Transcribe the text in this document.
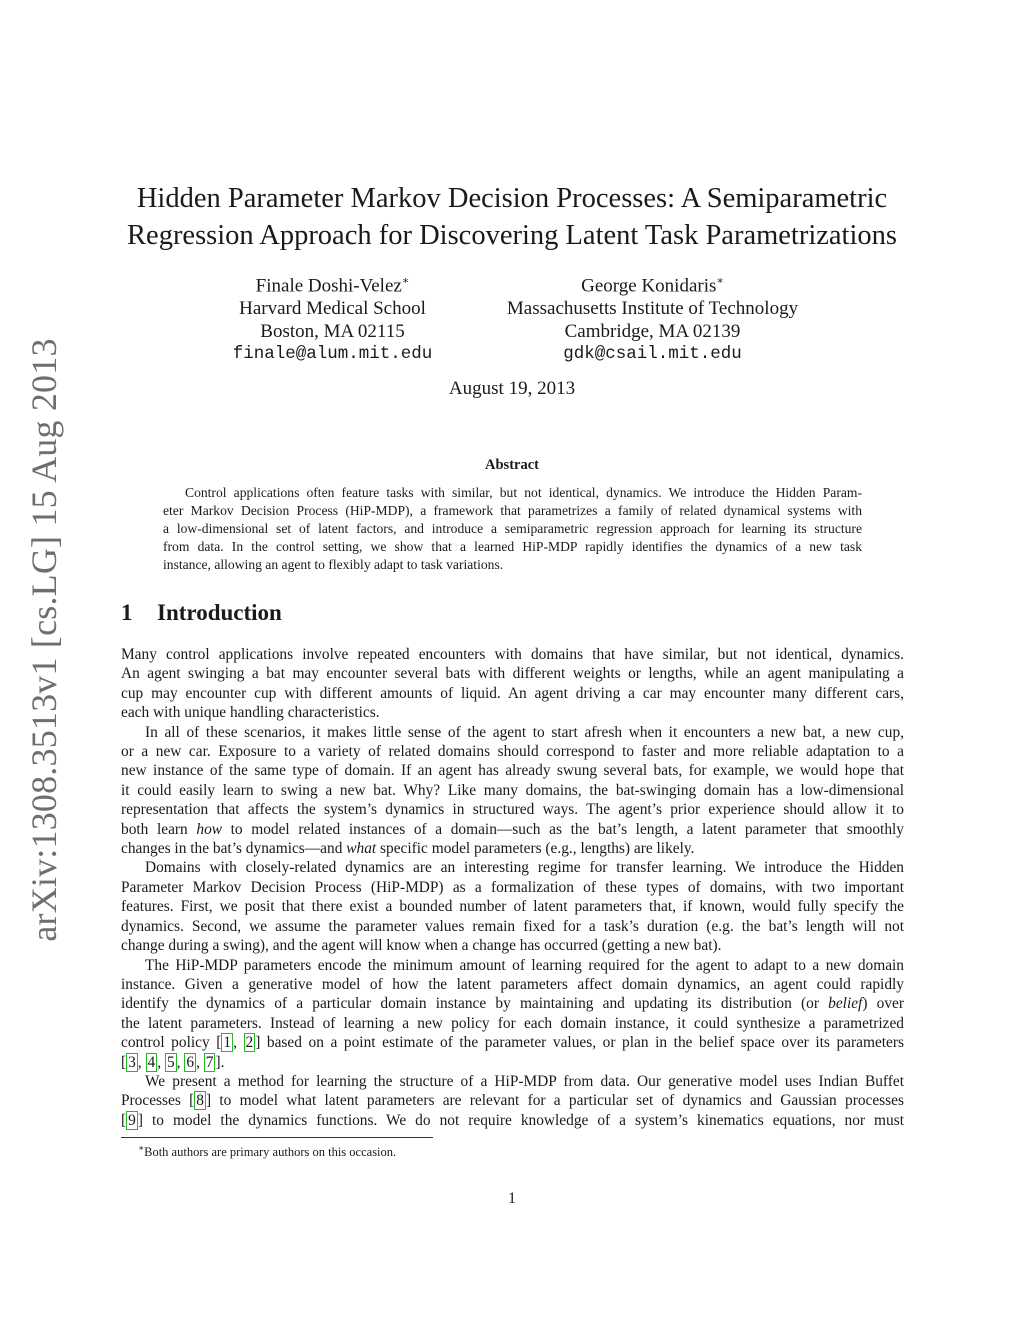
arXiv:1308.3513v1 [cs.LG] 15 Aug 2013
Hidden Parameter Markov Decision Processes: A Semiparametric
Regression Approach for Discovering Latent Task Parametrizations
Finale Doshi-Velez∗
Harvard Medical School
Boston, MA 02115
finale@alum.mit.edu
George Konidaris∗
Massachusetts Institute of Technology
Cambridge, MA 02139
gdk@csail.mit.edu
August 19, 2013
Abstract
Control applications often feature tasks with similar, but not identical, dynamics. We introduce the Hidden Param-
eter Markov Decision Process (HiP-MDP), a framework that parametrizes a family of related dynamical systems with
a low-dimensional set of latent factors, and introduce a semiparametric regression approach for learning its structure
from data. In the control setting, we show that a learned HiP-MDP rapidly identifies the dynamics of a new task
instance, allowing an agent to flexibly adapt to task variations.
1 Introduction
Many control applications involve repeated encounters with domains that have similar, but not identical, dynamics.
An agent swinging a bat may encounter several bats with different weights or lengths, while an agent manipulating a
cup may encounter cup with different amounts of liquid. An agent driving a car may encounter many different cars,
each with unique handling characteristics.
In all of these scenarios, it makes little sense of the agent to start afresh when it encounters a new bat, a new cup,
or a new car. Exposure to a variety of related domains should correspond to faster and more reliable adaptation to a
new instance of the same type of domain. If an agent has already swung several bats, for example, we would hope that
it could easily learn to swing a new bat. Why? Like many domains, the bat-swinging domain has a low-dimensional
representation that affects the system’s dynamics in structured ways. The agent’s prior experience should allow it to
both learn how to model related instances of a domain—such as the bat’s length, a latent parameter that smoothly
changes in the bat’s dynamics—and what specific model parameters (e.g., lengths) are likely.
Domains with closely-related dynamics are an interesting regime for transfer learning. We introduce the Hidden
Parameter Markov Decision Process (HiP-MDP) as a formalization of these types of domains, with two important
features. First, we posit that there exist a bounded number of latent parameters that, if known, would fully specify the
dynamics. Second, we assume the parameter values remain fixed for a task’s duration (e.g. the bat’s length will not
change during a swing), and the agent will know when a change has occurred (getting a new bat).
The HiP-MDP parameters encode the minimum amount of learning required for the agent to adapt to a new domain
instance. Given a generative model of how the latent parameters affect domain dynamics, an agent could rapidly
identify the dynamics of a particular domain instance by maintaining and updating its distribution (or belief) over
the latent parameters. Instead of learning a new policy for each domain instance, it could synthesize a parametrized
control policy [ 1 , 2 ] based on a point estimate of the parameter values, or plan in the belief space over its parameters
[ 3 , 4 , 5 , 6 , 7 ].
We present a method for learning the structure of a HiP-MDP from data. Our generative model uses Indian Buffet
Processes [ 8 ] to model what latent parameters are relevant for a particular set of dynamics and Gaussian processes
[ 9 ] to model the dynamics functions. We do not require knowledge of a system’s kinematics equations, nor must
∗Both authors are primary authors on this occasion.
1
